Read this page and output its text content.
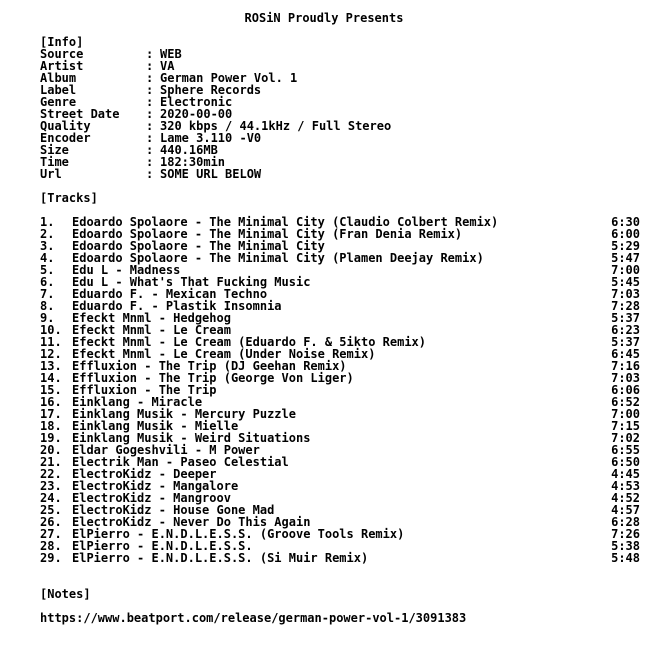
ROSiN Proudly Presents
[Info]
Source	: WEB
Artist	: VA
Album	: German Power Vol. 1
Label	: Sphere Records
Genre	: Electronic
Street Date : 2020-00-00
Quality	: 320 kbps / 44.1kHz / Full Stereo
Encoder	: Lame 3.110 -V0
Size	: 440.16MB
Time	: 182:30min
Url	: SOME URL BELOW
[Tracks]
1. Edoardo Spolaore - The Minimal City (Claudio Colbert Remix)	6:30
2. Edoardo Spolaore - The Minimal City (Fran Denia Remix)	6:00
3. Edoardo Spolaore - The Minimal City	5:29
4. Edoardo Spolaore - The Minimal City (Plamen Deejay Remix)	5:47
5. Edu L - Madness	7:00
6. Edu L - What's That Fucking Music	5:45
7. Eduardo F. - Mexican Techno	7:03
8. Eduardo F. - Plastik Insomnia	7:28
9. Efeckt Mnml - Hedgehog	5:37
10. Efeckt Mnml - Le Cream	6:23
11. Efeckt Mnml - Le Cream (Eduardo F. & 5ikto Remix)	5:37
12. Efeckt Mnml - Le Cream (Under Noise Remix)	6:45
13. Effluxion - The Trip (DJ Geehan Remix)	7:16
14. Effluxion - The Trip (George Von Liger)	7:03
15. Effluxion - The Trip	6:06
16. Einklang - Miracle	6:52
17. Einklang Musik - Mercury Puzzle	7:00
18. Einklang Musik - Mielle	7:15
19. Einklang Musik - Weird Situations	7:02
20. Eldar Gogeshvili - M Power	6:55
21. Electrik Man - Paseo Celestial	6:50
22. ElectroKidz - Deeper	4:45
23. ElectroKidz - Mangalore	4:53
24. ElectroKidz - Mangroov	4:52
25. ElectroKidz - House Gone Mad	4:57
26. ElectroKidz - Never Do This Again	6:28
27. ElPierro - E.N.D.L.E.S.S. (Groove Tools Remix)	7:26
28. ElPierro - E.N.D.L.E.S.S.	5:38
29. ElPierro - E.N.D.L.E.S.S. (Si Muir Remix)	5:48
[Notes]
https://www.beatport.com/release/german-power-vol-1/3091383
